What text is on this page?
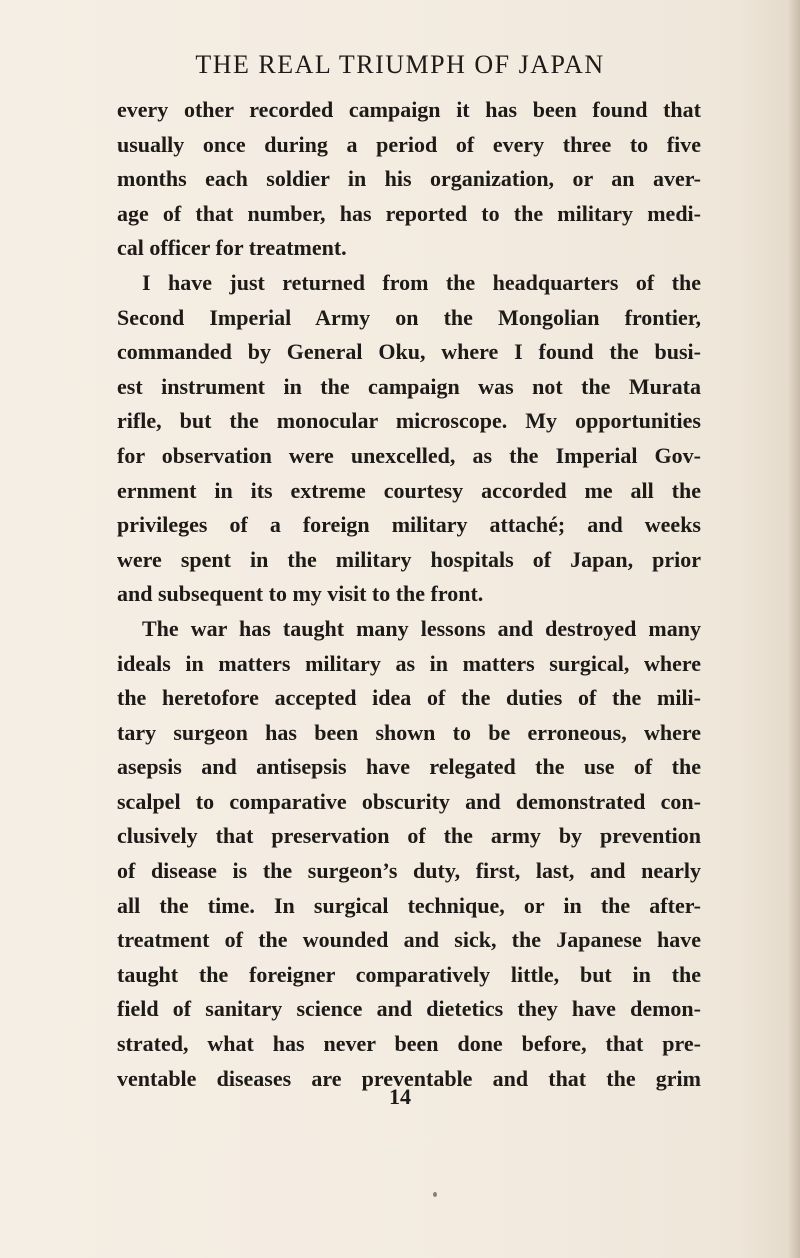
THE REAL TRIUMPH OF JAPAN
every other recorded campaign it has been found that
usually once during a period of every three to five
months each soldier in his organization, or an aver-
age of that number, has reported to the military medi-
cal officer for treatment.
I have just returned from the headquarters of the
Second Imperial Army on the Mongolian frontier,
commanded by General Oku, where I found the busi-
est instrument in the campaign was not the Murata
rifle, but the monocular microscope. My opportunities
for observation were unexcelled, as the Imperial Gov-
ernment in its extreme courtesy accorded me all the
privileges of a foreign military attaché; and weeks
were spent in the military hospitals of Japan, prior
and subsequent to my visit to the front.
The war has taught many lessons and destroyed many
ideals in matters military as in matters surgical, where
the heretofore accepted idea of the duties of the mili-
tary surgeon has been shown to be erroneous, where
asepsis and antisepsis have relegated the use of the
scalpel to comparative obscurity and demonstrated con-
clusively that preservation of the army by prevention
of disease is the surgeon’s duty, first, last, and nearly
all the time. In surgical technique, or in the after-
treatment of the wounded and sick, the Japanese have
taught the foreigner comparatively little, but in the
field of sanitary science and dietetics they have demon-
strated, what has never been done before, that pre-
ventable diseases are preventable and that the grim
14
